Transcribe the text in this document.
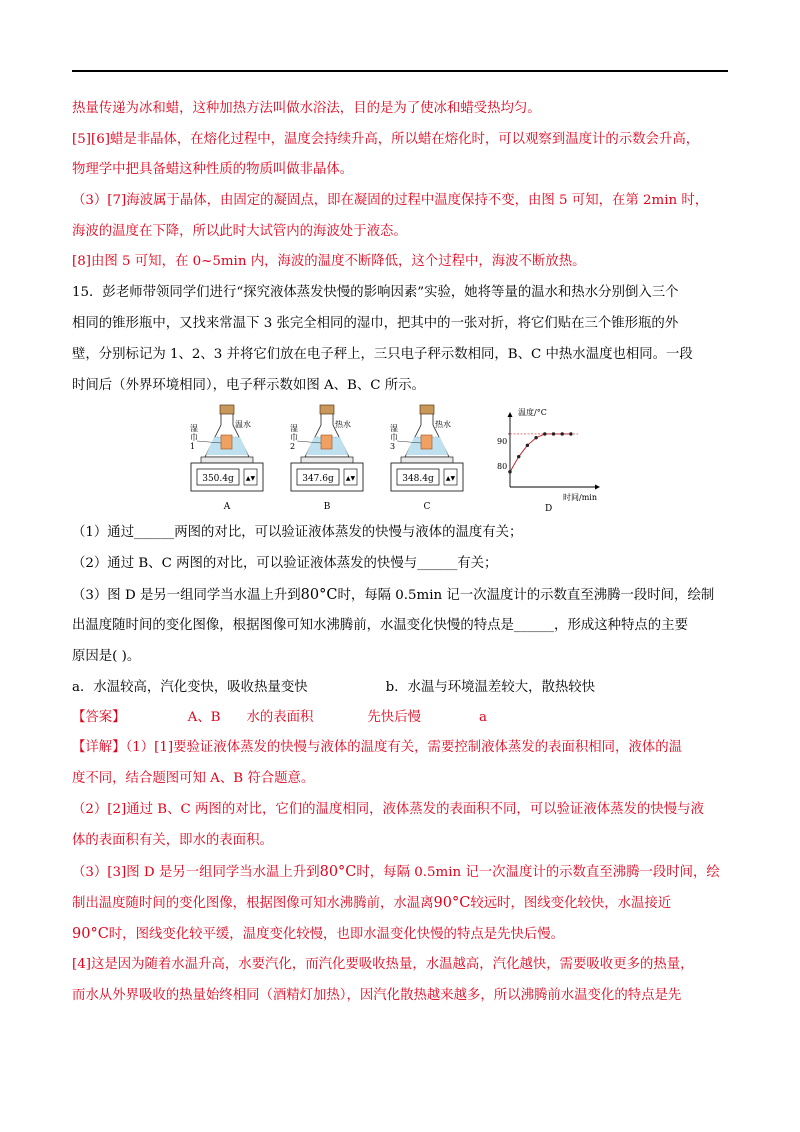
热量传递为冰和蜡，这种加热方法叫做水浴法，目的是为了使冰和蜡受热均匀。
[5][6]蜡是非晶体，在熔化过程中，温度会持续升高，所以蜡在熔化时，可以观察到温度计的示数会升高，
物理学中把具备蜡这种性质的物质叫做非晶体。
（3）[7]海波属于晶体，由固定的凝固点，即在凝固的过程中温度保持不变，由图 5 可知，在第 2min 时，
海波的温度在下降，所以此时大试管内的海波处于液态。
[8]由图 5 可知，在 0~5min 内，海波的温度不断降低，这个过程中，海波不断放热。
15．彭老师带领同学们进行“探究液体蒸发快慢的影响因素”实验，她将等量的温水和热水分别倒入三个
相同的锥形瓶中，又找来常温下 3 张完全相同的湿巾，把其中的一张对折，将它们贴在三个锥形瓶的外
壁，分别标记为 1、2、3 并将它们放在电子秤上，三只电子秤示数相同，B、C 中热水温度也相同。一段
时间后（外界环境相同），电子秤示数如图 A、B、C 所示。
温水
湿
巾
1
350.4g ▲▼
A
热水
湿
巾
2
347.6g ▲▼
B
热水
湿
巾
3
348.4g ▲▼
C
温度/°C
时间/min
90
80
D
（1）通过______两图的对比，可以验证液体蒸发的快慢与液体的温度有关；
（2）通过 B、C 两图的对比，可以验证液体蒸发的快慢与______有关；
（3）图 D 是另一组同学当水温上升到80°C时，每隔 0.5min 记一次温度计的示数直至沸腾一段时间，绘制
出温度随时间的变化图像，根据图像可知水沸腾前，水温变化快慢的特点是______，形成这种特点的主要
原因是( )。
a．水温较高，汽化变快，吸收热量变快	b．水温与环境温差较大，散热较快
【答案】	A、B 水的表面积	先快后慢	a
【详解】（1）[1]要验证液体蒸发的快慢与液体的温度有关，需要控制液体蒸发的表面积相同，液体的温
度不同，结合题图可知 A、B 符合题意。
（2）[2]通过 B、C 两图的对比，它们的温度相同，液体蒸发的表面积不同，可以验证液体蒸发的快慢与液
体的表面积有关，即水的表面积。
（3）[3]图 D 是另一组同学当水温上升到80°C时，每隔 0.5min 记一次温度计的示数直至沸腾一段时间，绘
制出温度随时间的变化图像，根据图像可知水沸腾前，水温离90°C较远时，图线变化较快，水温接近
90°C时，图线变化较平缓，温度变化较慢，也即水温变化快慢的特点是先快后慢。
[4]这是因为随着水温升高，水要汽化，而汽化要吸收热量，水温越高，汽化越快，需要吸收更多的热量，
而水从外界吸收的热量始终相同（酒精灯加热），因汽化散热越来越多，所以沸腾前水温变化的特点是先
